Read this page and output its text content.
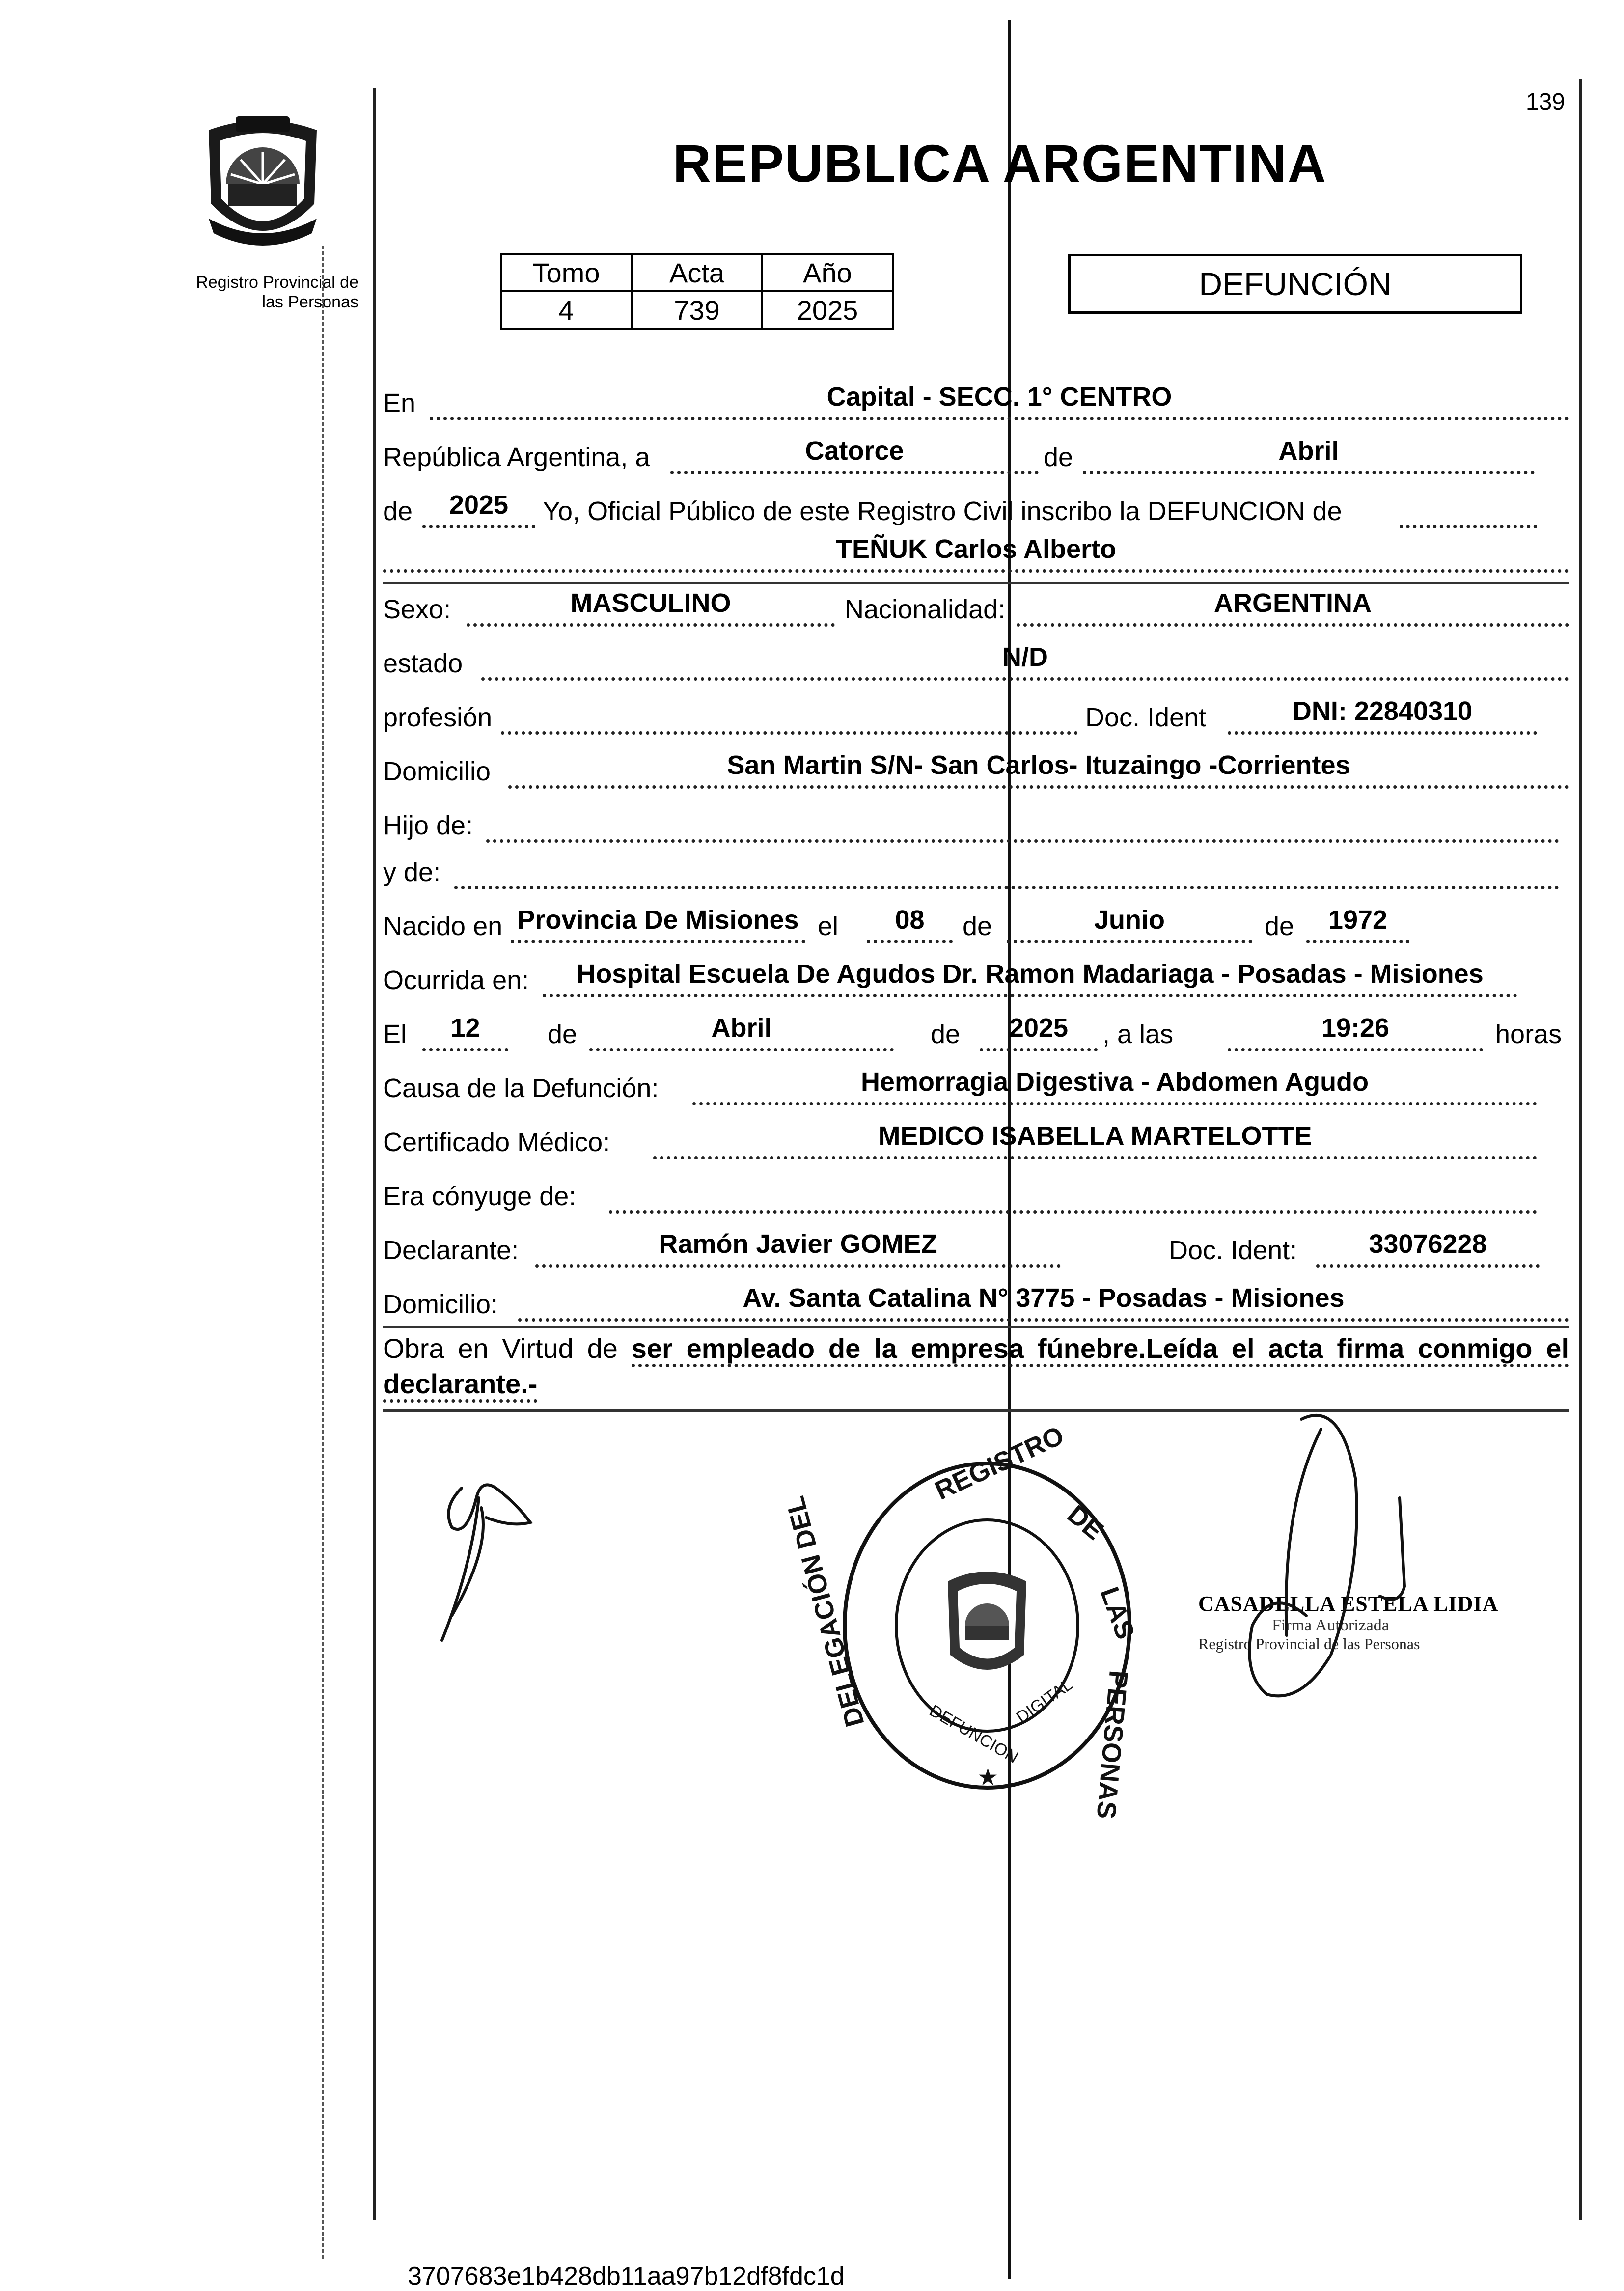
139
Registro Provincial de
las Personas
REPUBLICA ARGENTINA
Tomo	Acta	Año
4	739	2025
DEFUNCIÓN
En	Capital - SECC. 1° CENTRO
República Argentina, a	Catorce	de	Abril
de	2025	Yo, Oficial Público de este Registro Civil inscribo la DEFUNCION de
TEÑUK Carlos Alberto
Sexo:	MASCULINO	Nacionalidad:	ARGENTINA
estado	N/D
profesión	Doc. Ident	DNI: 22840310
Domicilio	San Martin S/N- San Carlos- Ituzaingo -Corrientes
Hijo de:
y de:
Nacido en Provincia De Misiones el	08	de	Junio	de	1972
Ocurrida en:	Hospital Escuela De Agudos Dr. Ramon Madariaga - Posadas - Misiones
El	12	de	Abril	de	2025	, a las	19:26	horas
Causa de la Defunción:	Hemorragia Digestiva - Abdomen Agudo
Certificado Médico:	MEDICO ISABELLA MARTELOTTE
Era cónyuge de:
Declarante:	Ramón Javier GOMEZ	Doc. Ident:	33076228
Domicilio:	Av. Santa Catalina N° 3775 - Posadas - Misiones
Obra en Virtud de ser empleado de la empresa fúnebre.Leída el acta firma conmigo el declarante.-
REGISTRO
DE
LAS
PERSONAS
DELEGACIÓN DEL
DEFUNCION
DIGITAL
★
CASADELLA ESTELA LIDIA
Firma Autorizada
Registro Provincial de las Personas
3707683e1b428db11aa97b12df8fdc1d
